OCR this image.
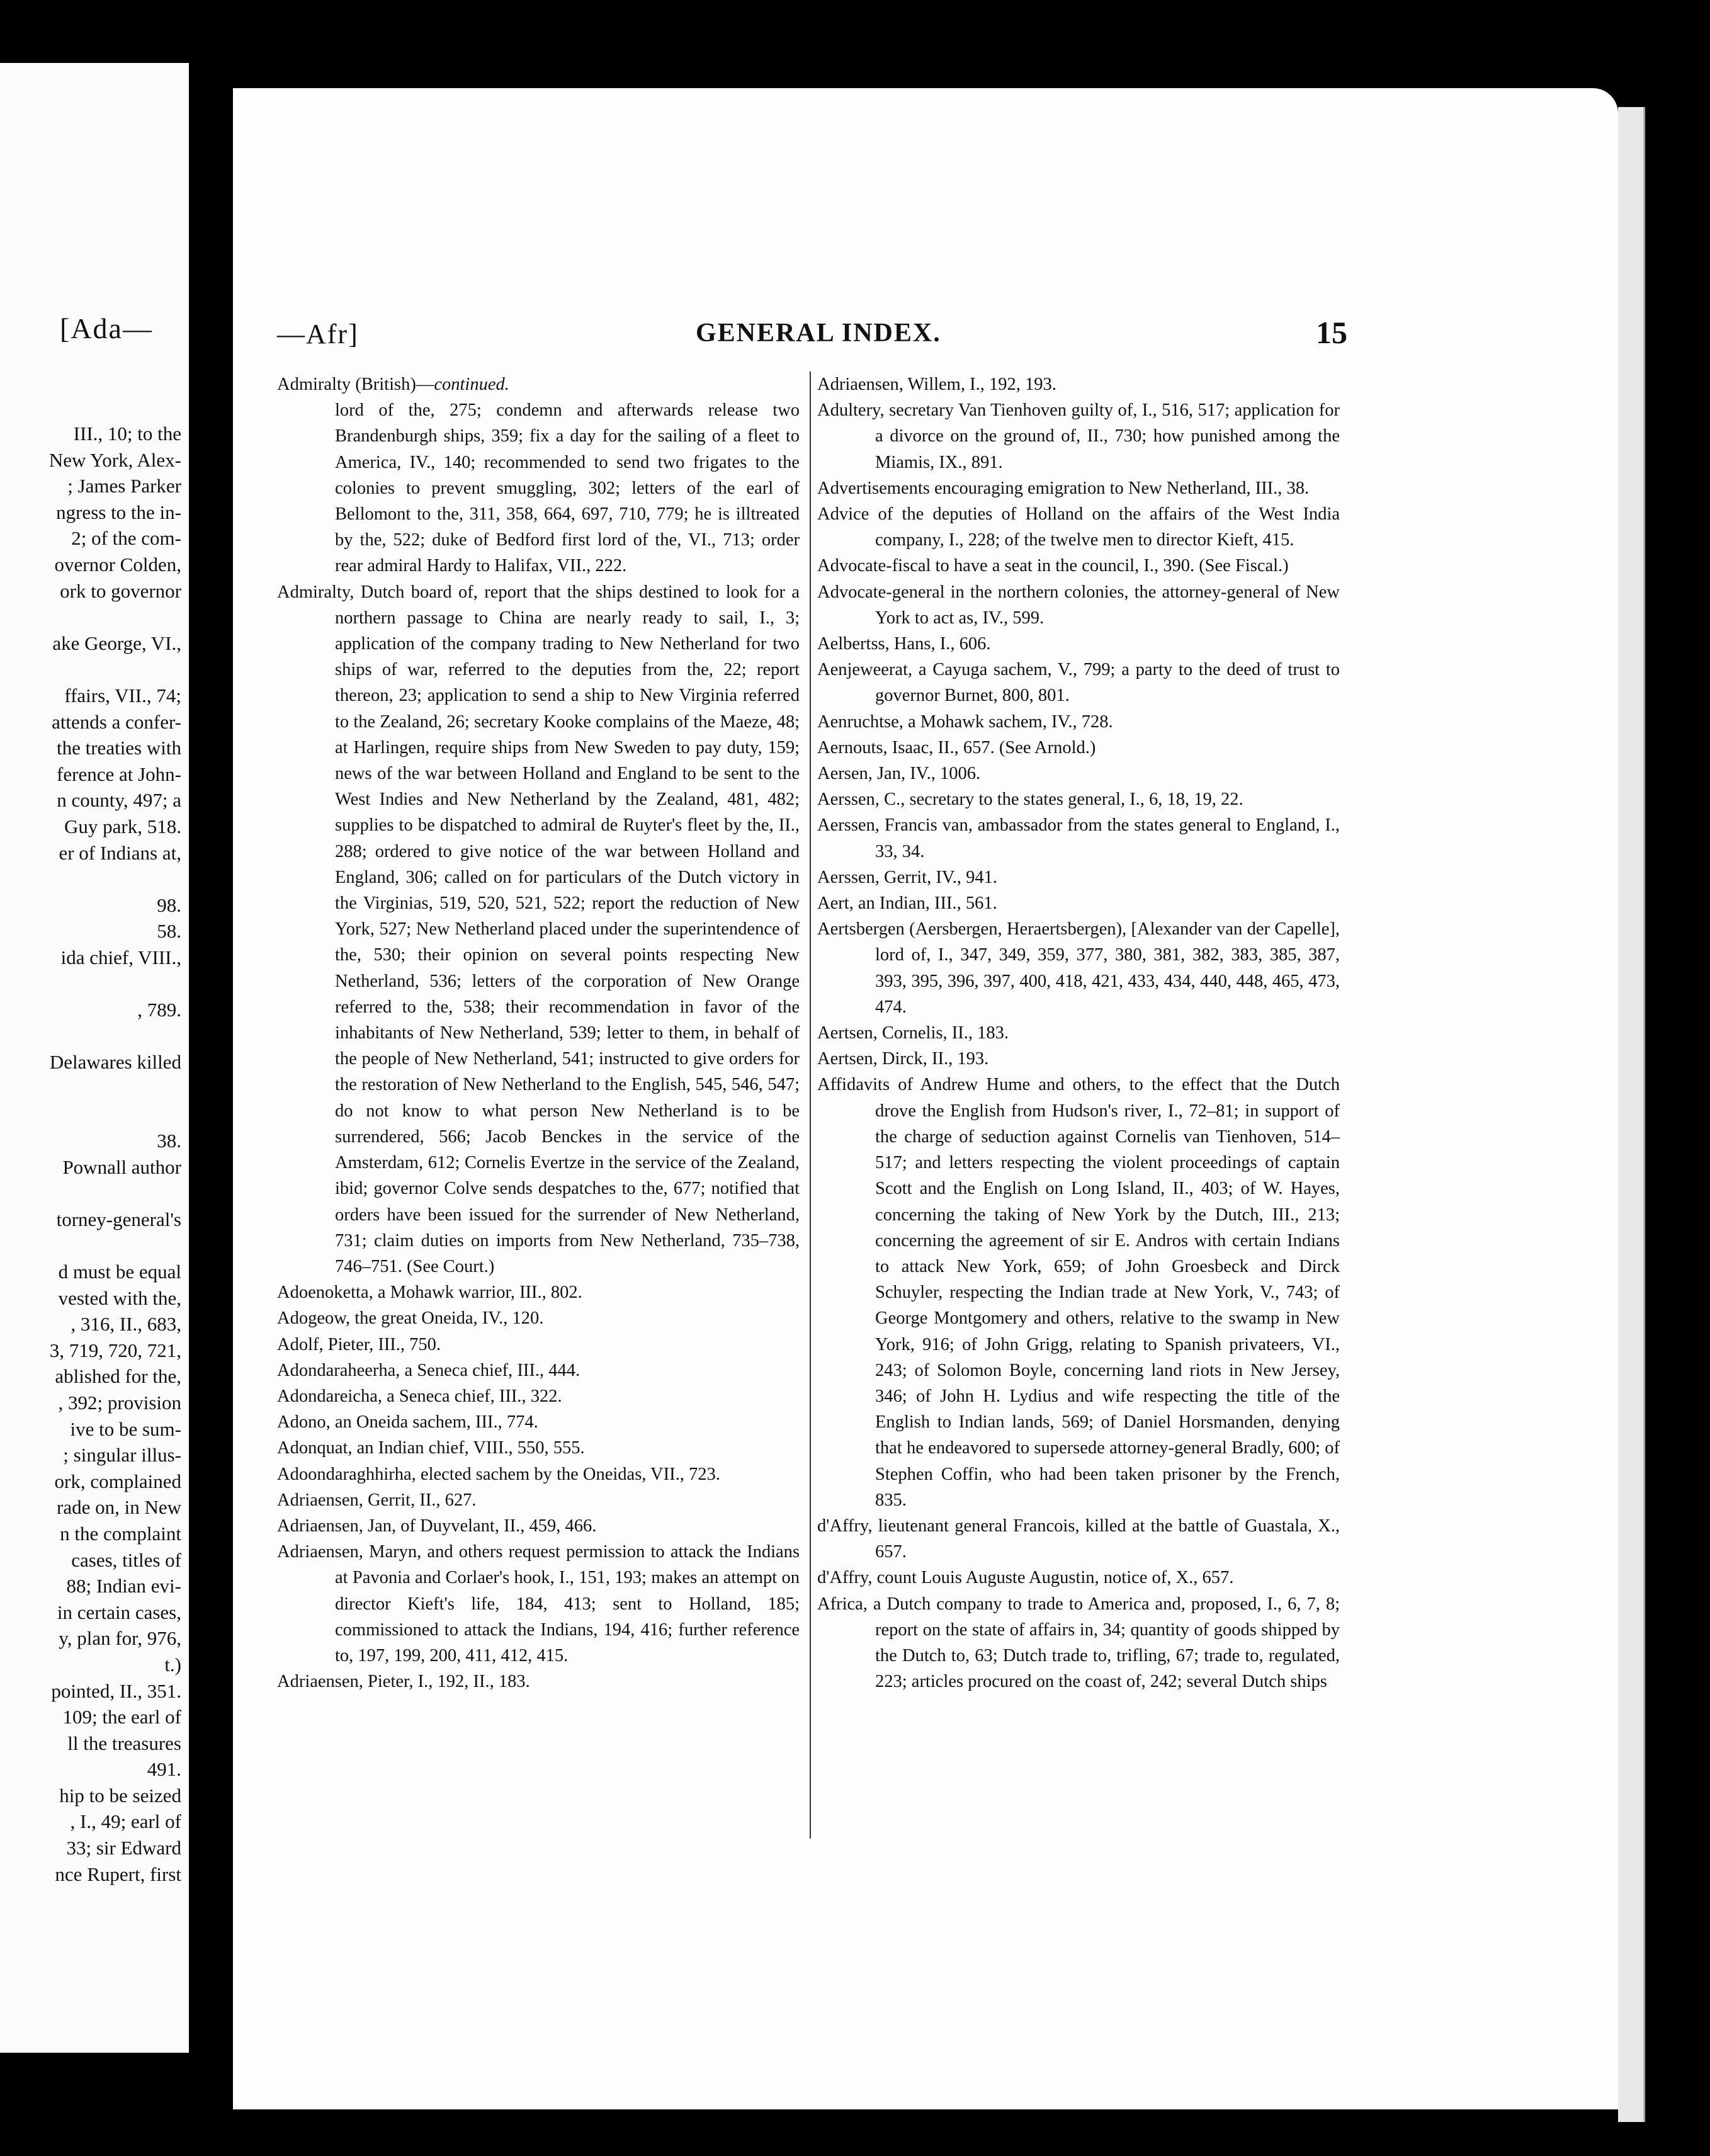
[Ada—
III., 10; to the
New York, Alex-
; James Parker
ngress to the in-
2; of the com-
overnor Colden,
ork to governor

ake George, VI.,

ffairs, VII., 74;
attends a confer-
the treaties with
ference at John-
n county, 497; a
Guy park, 518.
er of Indians at,

98.
58.
ida chief, VIII.,

, 789.

Delawares killed

38.
Pownall author

torney-general's

d must be equal
vested with the,
, 316, II., 683,
3, 719, 720, 721,
ablished for the,
, 392; provision
ive to be sum-
; singular illus-
ork, complained
rade on, in New
n the complaint
cases, titles of
88; Indian evi-
in certain cases,
y, plan for, 976,
t.)
pointed, II., 351.
109; the earl of
ll the treasures
491.
hip to be seized
, I., 49; earl of
33; sir Edward
nce Rupert, first
—Afr]	GENERAL INDEX.	15

Admiralty (British)—continued.

lord of the, 275; condemn and afterwards release two Brandenburgh ships, 359; fix a day for the sailing of a fleet to America, IV., 140; recommended to send two frigates to the colonies to prevent smuggling, 302; letters of the earl of Bellomont to the, 311, 358, 664, 697, 710, 779; he is illtreated by the, 522; duke of Bedford first lord of the, VI., 713; order rear admiral Hardy to Halifax, VII., 222.

Admiralty, Dutch board of, report that the ships destined to look for a northern passage to China are nearly ready to sail, I., 3; application of the company trading to New Netherland for two ships of war, referred to the deputies from the, 22; report thereon, 23; application to send a ship to New Virginia referred to the Zealand, 26; secretary Kooke complains of the Maeze, 48; at Harlingen, require ships from New Sweden to pay duty, 159; news of the war between Holland and England to be sent to the West Indies and New Netherland by the Zealand, 481, 482; supplies to be dispatched to admiral de Ruyter's fleet by the, II., 288; ordered to give notice of the war between Holland and England, 306; called on for particulars of the Dutch victory in the Virginias, 519, 520, 521, 522; report the reduction of New York, 527; New Netherland placed under the superintendence of the, 530; their opinion on several points respecting New Netherland, 536; letters of the corporation of New Orange referred to the, 538; their recommendation in favor of the inhabitants of New Netherland, 539; letter to them, in behalf of the people of New Netherland, 541; instructed to give orders for the restoration of New Netherland to the English, 545, 546, 547; do not know to what person New Netherland is to be surrendered, 566; Jacob Benckes in the service of the Amsterdam, 612; Cornelis Evertze in the service of the Zealand, ibid; governor Colve sends despatches to the, 677; notified that orders have been issued for the surrender of New Netherland, 731; claim duties on imports from New Netherland, 735–738, 746–751. (See Court.)

Adoenoketta, a Mohawk warrior, III., 802.

Adogeow, the great Oneida, IV., 120.

Adolf, Pieter, III., 750.

Adondaraheerha, a Seneca chief, III., 444.

Adondareicha, a Seneca chief, III., 322.

Adono, an Oneida sachem, III., 774.

Adonquat, an Indian chief, VIII., 550, 555.

Adoondaraghhirha, elected sachem by the Oneidas, VII., 723.

Adriaensen, Gerrit, II., 627.

Adriaensen, Jan, of Duyvelant, II., 459, 466.

Adriaensen, Maryn, and others request permission to attack the Indians at Pavonia and Corlaer's hook, I., 151, 193; makes an attempt on director Kieft's life, 184, 413; sent to Holland, 185; commissioned to attack the Indians, 194, 416; further reference to, 197, 199, 200, 411, 412, 415.

Adriaensen, Pieter, I., 192, II., 183.

Adriaensen, Willem, I., 192, 193.

Adultery, secretary Van Tienhoven guilty of, I., 516, 517; application for a divorce on the ground of, II., 730; how punished among the Miamis, IX., 891.

Advertisements encouraging emigration to New Netherland, III., 38.

Advice of the deputies of Holland on the affairs of the West India company, I., 228; of the twelve men to director Kieft, 415.

Advocate-fiscal to have a seat in the council, I., 390. (See Fiscal.)

Advocate-general in the northern colonies, the attorney-general of New York to act as, IV., 599.

Aelbertss, Hans, I., 606.

Aenjeweerat, a Cayuga sachem, V., 799; a party to the deed of trust to governor Burnet, 800, 801.

Aenruchtse, a Mohawk sachem, IV., 728.

Aernouts, Isaac, II., 657. (See Arnold.)

Aersen, Jan, IV., 1006.

Aerssen, C., secretary to the states general, I., 6, 18, 19, 22.

Aerssen, Francis van, ambassador from the states general to England, I., 33, 34.

Aerssen, Gerrit, IV., 941.

Aert, an Indian, III., 561.

Aertsbergen (Aersbergen, Heraertsbergen), [Alexander van der Capelle], lord of, I., 347, 349, 359, 377, 380, 381, 382, 383, 385, 387, 393, 395, 396, 397, 400, 418, 421, 433, 434, 440, 448, 465, 473, 474.

Aertsen, Cornelis, II., 183.

Aertsen, Dirck, II., 193.

Affidavits of Andrew Hume and others, to the effect that the Dutch drove the English from Hudson's river, I., 72–81; in support of the charge of seduction against Cornelis van Tienhoven, 514–517; and letters respecting the violent proceedings of captain Scott and the English on Long Island, II., 403; of W. Hayes, concerning the taking of New York by the Dutch, III., 213; concerning the agreement of sir E. Andros with certain Indians to attack New York, 659; of John Groesbeck and Dirck Schuyler, respecting the Indian trade at New York, V., 743; of George Montgomery and others, relative to the swamp in New York, 916; of John Grigg, relating to Spanish privateers, VI., 243; of Solomon Boyle, concerning land riots in New Jersey, 346; of John H. Lydius and wife respecting the title of the English to Indian lands, 569; of Daniel Horsmanden, denying that he endeavored to supersede attorney-general Bradly, 600; of Stephen Coffin, who had been taken prisoner by the French, 835.

d'Affry, lieutenant general Francois, killed at the battle of Guastala, X., 657.

d'Affry, count Louis Auguste Augustin, notice of, X., 657.

Africa, a Dutch company to trade to America and, proposed, I., 6, 7, 8; report on the state of affairs in, 34; quantity of goods shipped by the Dutch to, 63; Dutch trade to, trifling, 67; trade to, regulated, 223; articles procured on the coast of, 242; several Dutch ships
